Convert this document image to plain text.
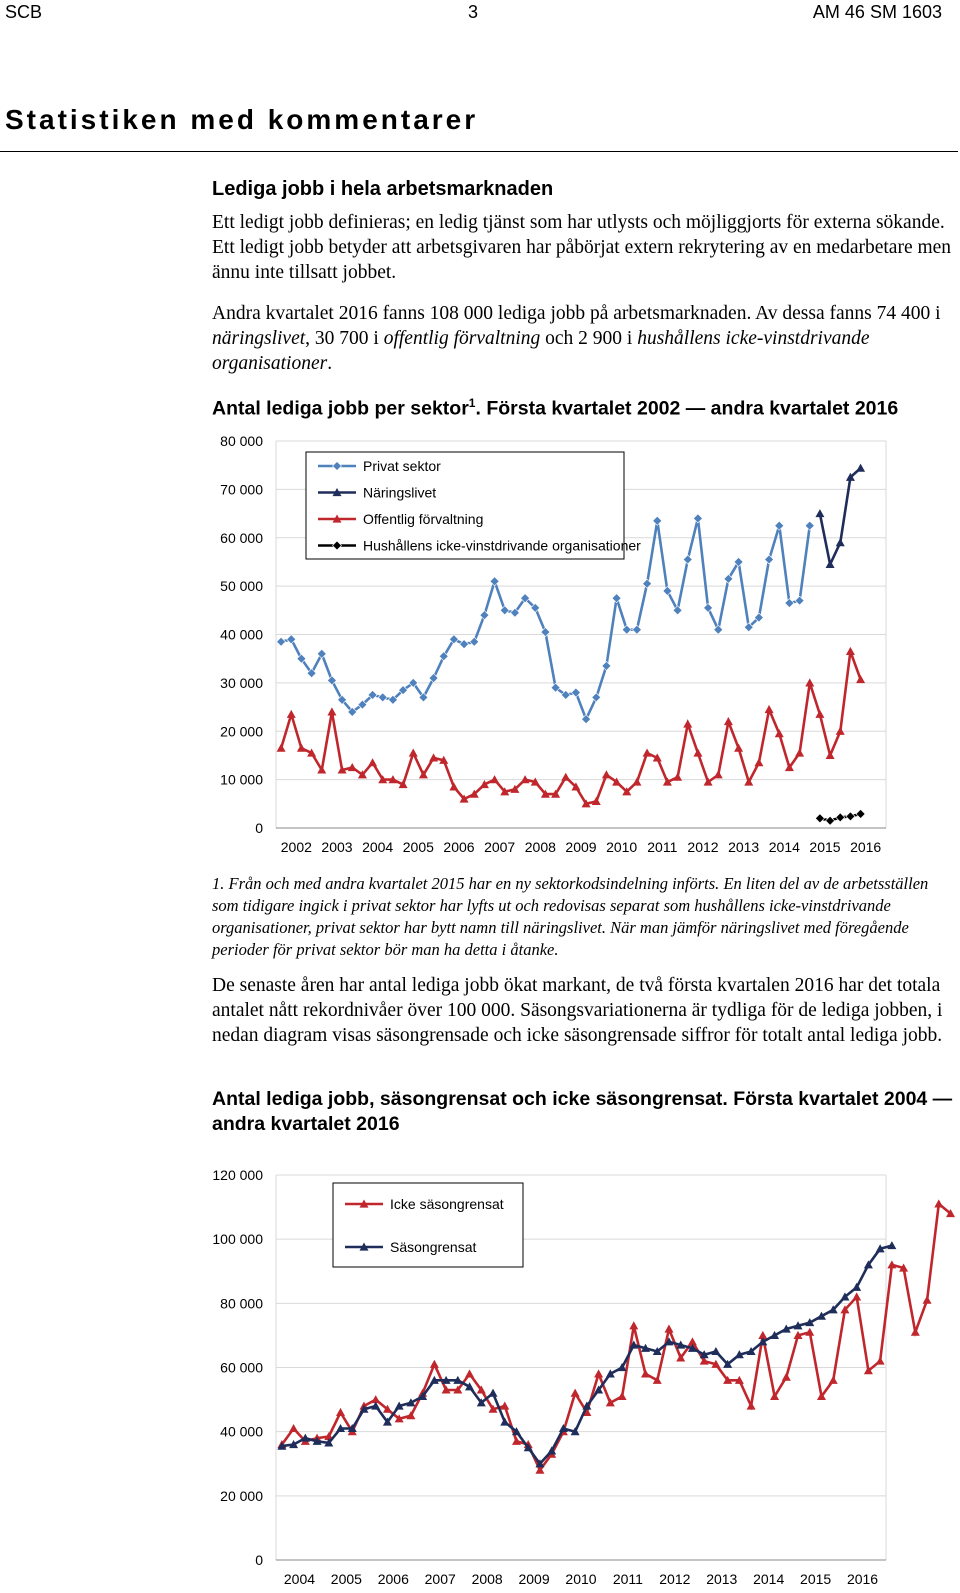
SCB	3	AM 46 SM 1603
Statistiken med kommentarer
Lediga jobb i hela arbetsmarknaden

Ett ledigt jobb definieras; en ledig tjänst som har utlysts och möjliggjorts för externa sökande. Ett ledigt jobb betyder att arbetsgivaren har påbörjat extern rekrytering av en medarbetare men ännu inte tillsatt jobbet.

Andra kvartalet 2016 fanns 108 000 lediga jobb på arbetsmarknaden. Av dessa fanns 74 400 i näringslivet, 30 700 i offentlig förvaltning och 2 900 i hushållens icke-vinstdrivande organisationer.

Antal lediga jobb per sektor$^1$. Första kvartalet 2002 — andra kvartalet 2016
0
10 000
20 000
30 000
40 000
50 000
60 000
70 000
80 000
2002 2003 2004 2005 2006 2007 2008 2009 2010 2011 2012 2013 2014 2015 2016
Privat sektor
Näringslivet
Offentlig förvaltning
Hushållens icke-vinstdrivande organisationer

1. Från och med andra kvartalet 2015 har en ny sektorkodsindelning införts. En liten del av de arbetsställen som tidigare ingick i privat sektor har lyfts ut och redovisas separat som hushållens icke-vinstdrivande organisationer, privat sektor har bytt namn till näringslivet. När man jämför näringslivet med föregående perioder för privat sektor bör man ha detta i åtanke.

De senaste åren har antal lediga jobb ökat markant, de två första kvartalen 2016 har det totala antalet nått rekordnivåer över 100 000. Säsongsvariationerna är tydliga för de lediga jobben, i nedan diagram visas säsongrensade och icke säsongrensade siffror för totalt antal lediga jobb.

Antal lediga jobb, säsongrensat och icke säsongrensat. Första kvartalet 2004 — andra kvartalet 2016
0
20 000
40 000
60 000
80 000
100 000
120 000
2004 2005 2006 2007 2008 2009 2010 2011 2012 2013 2014 2015 2016
Icke säsongrensat
Säsongrensat
